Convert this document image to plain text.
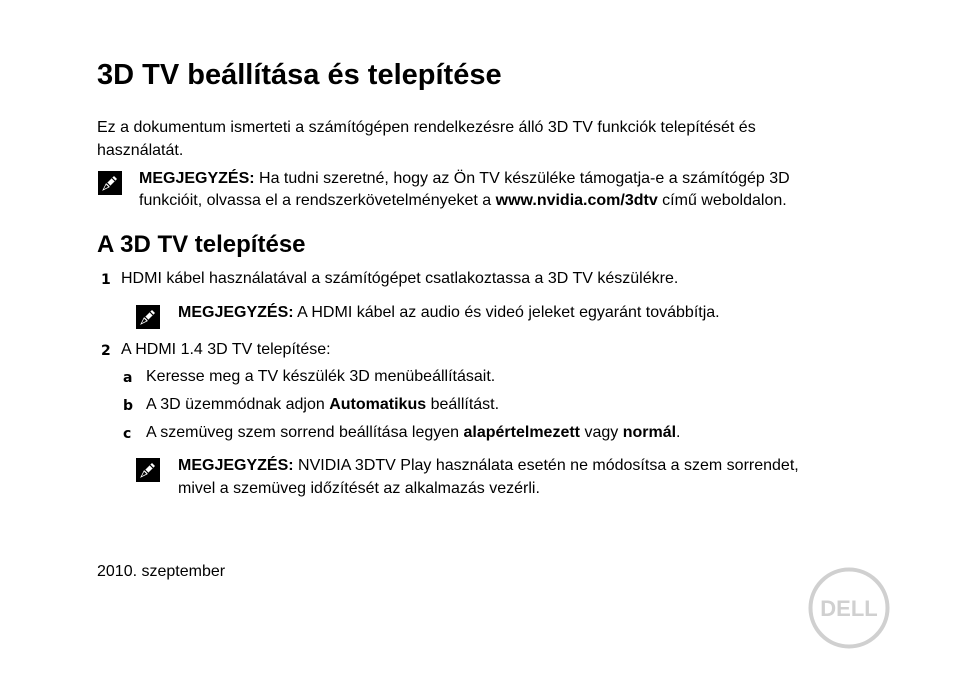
3D TV beállítása és telepítése
Ez a dokumentum ismerteti a számítógépen rendelkezésre álló 3D TV funkciók telepítését és
használatát.
MEGJEGYZÉS: Ha tudni szeretné, hogy az Ön TV készüléke támogatja-e a számítógép 3D
funkcióit, olvassa el a rendszerkövetelményeket a www.nvidia.com/3dtv című weboldalon.
A 3D TV telepítése
1 HDMI kábel használatával a számítógépet csatlakoztassa a 3D TV készülékre.
MEGJEGYZÉS: A HDMI kábel az audio és videó jeleket egyaránt továbbítja.
2 A HDMI 1.4 3D TV telepítése:
a Keresse meg a TV készülék 3D menübeállításait.
b A 3D üzemmódnak adjon Automatikus beállítást.
c A szemüveg szem sorrend beállítása legyen alapértelmezett vagy normál.
MEGJEGYZÉS: NVIDIA 3DTV Play használata esetén ne módosítsa a szem sorrendet,
mivel a szemüveg időzítését az alkalmazás vezérli.
2010. szeptember
DELL
